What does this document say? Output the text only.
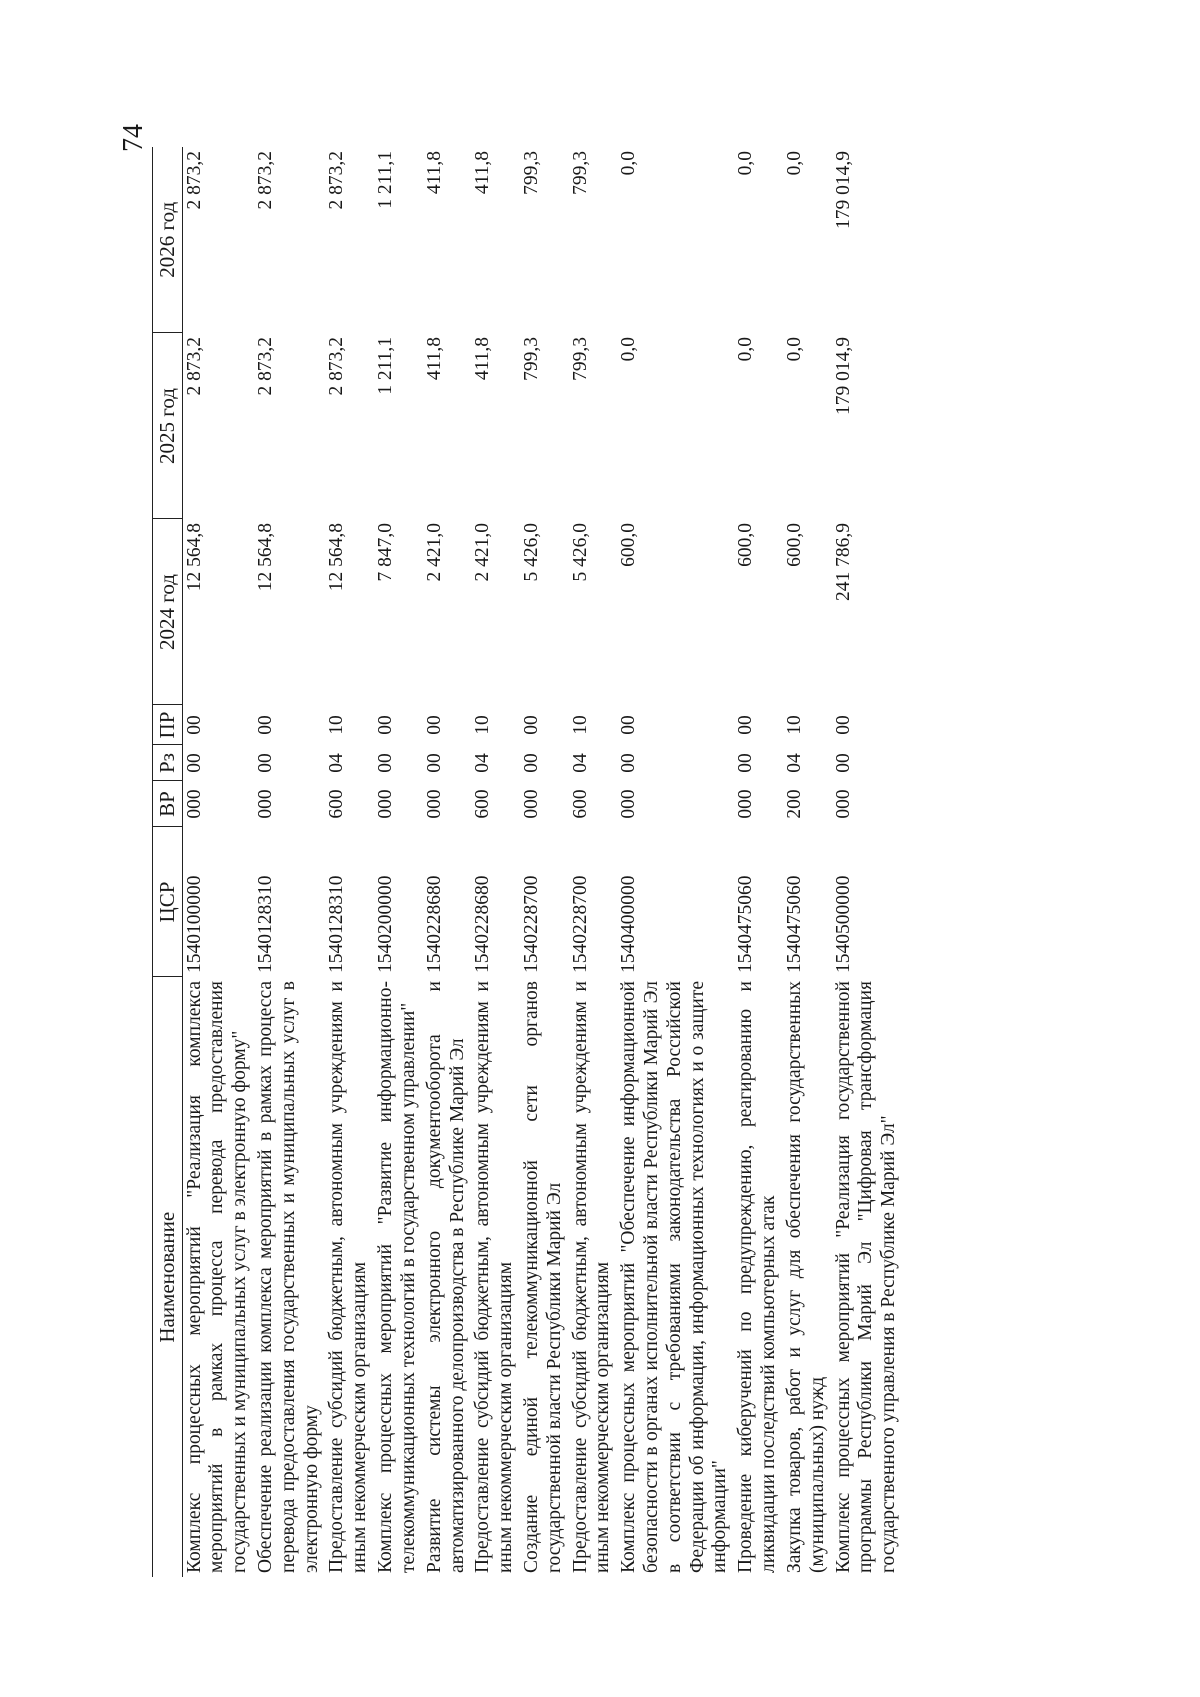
74
Наименование	ЦСР	ВР	Рз	ПР	2024 год	2025 год	2026 год
Комплекс процессных мероприятий "Реализация комплекса мероприятий в рамках процесса перевода предоставления государственных и муниципальных услуг в электронную форму"	1540100000	000	00	00	12 564,8	2 873,2	2 873,2
Обеспечение реализации комплекса мероприятий в рамках процесса перевода предоставления государственных и муниципальных услуг в электронную форму	1540128310	000	00	00	12 564,8	2 873,2	2 873,2
Предоставление субсидий бюджетным, автономным учреждениям и иным некоммерческим организациям	1540128310	600	04	10	12 564,8	2 873,2	2 873,2
Комплекс процессных мероприятий "Развитие информационно-телекоммуникационных технологий в государственном управлении"	1540200000	000	00	00	7 847,0	1 211,1	1 211,1
Развитие системы электронного документооборота и автоматизированного делопроизводства в Республике Марий Эл	1540228680	000	00	00	2 421,0	411,8	411,8
Предоставление субсидий бюджетным, автономным учреждениям и иным некоммерческим организациям	1540228680	600	04	10	2 421,0	411,8	411,8
Создание единой телекоммуникационной сети органов государственной власти Республики Марий Эл	1540228700	000	00	00	5 426,0	799,3	799,3
Предоставление субсидий бюджетным, автономным учреждениям и иным некоммерческим организациям	1540228700	600	04	10	5 426,0	799,3	799,3
Комплекс процессных мероприятий "Обеспечение информационной безопасности в органах исполнительной власти Республики Марий Эл в соответствии с требованиями законодательства Российской Федерации об информации, информационных технологиях и о защите информации"	1540400000	000	00	00	600,0	0,0	0,0
Проведение киберучений по предупреждению, реагированию и ликвидации последствий компьютерных атак	1540475060	000	00	00	600,0	0,0	0,0
Закупка товаров, работ и услуг для обеспечения государственных (муниципальных) нужд	1540475060	200	04	10	600,0	0,0	0,0
Комплекс процессных мероприятий "Реализация государственной программы Республики Марий Эл "Цифровая трансформация государственного управления в Республике Марий Эл"	1540500000	000	00	00	241 786,9	179 014,9	179 014,9
